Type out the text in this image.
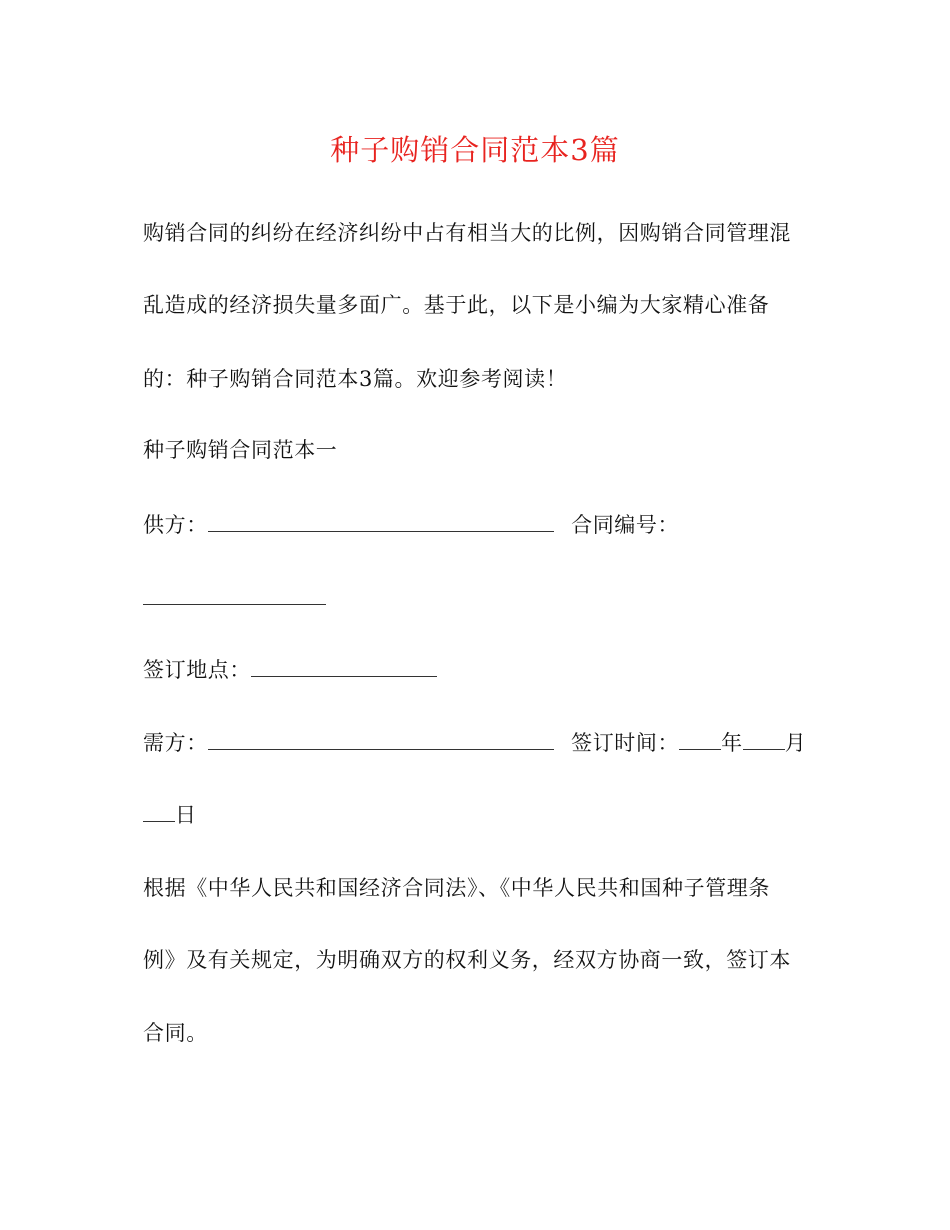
种子购销合同范本3篇
购销合同的纠纷在经济纠纷中占有相当大的比例，因购销合同管理混
乱造成的经济损失量多面广。基于此，以下是小编为大家精心准备
的：种子购销合同范本3篇。欢迎参考阅读！
种子购销合同范本一
供方：	合同编号：
签订地点：
需方：	签订时间： 年 月
日
根据《中华人民共和国经济合同法》、《中华人民共和国种子管理条
例》及有关规定，为明确双方的权利义务，经双方协商一致，签订本
合同。
